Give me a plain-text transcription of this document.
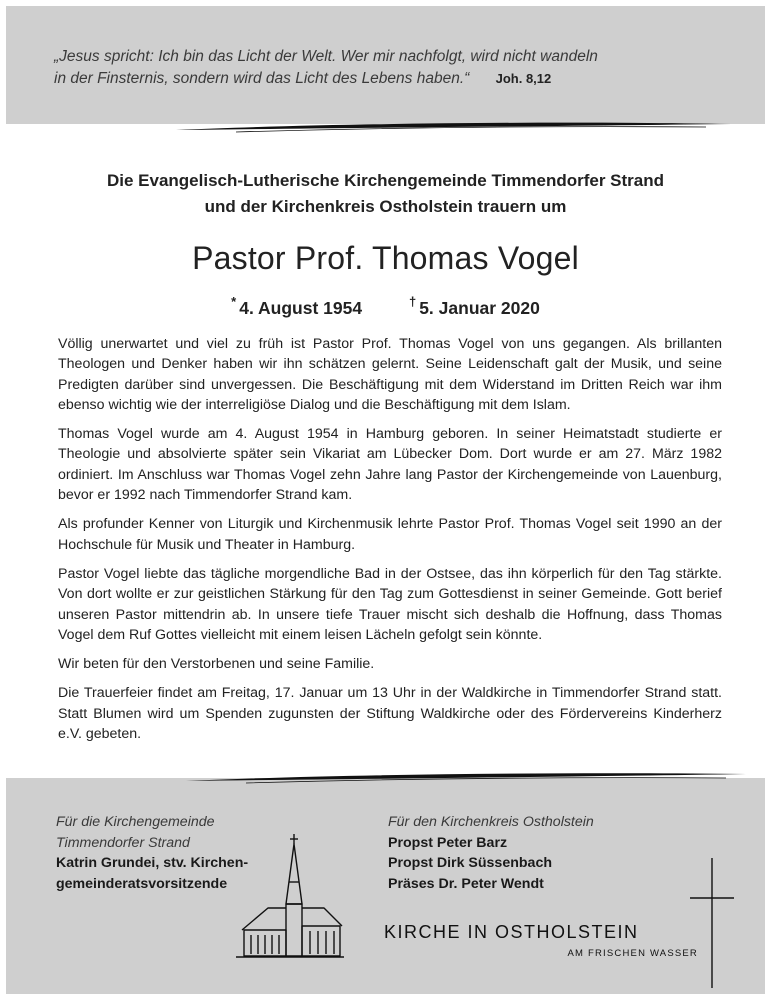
„Jesus spricht: Ich bin das Licht der Welt. Wer mir nachfolgt, wird nicht wandeln
in der Finsternis, sondern wird das Licht des Lebens haben.“ Joh. 8,12
Die Evangelisch-Lutherische Kirchengemeinde Timmendorfer Strand
und der Kirchenkreis Ostholstein trauern um
Pastor Prof. Thomas Vogel
* 4. August 1954	† 5. Januar 2020

Völlig unerwartet und viel zu früh ist Pastor Prof. Thomas Vogel von uns gegangen. Als brillanten Theologen und Denker haben wir ihn schätzen gelernt. Seine Leidenschaft galt der Musik, und seine Predigten darüber sind unvergessen. Die Beschäftigung mit dem Widerstand im Dritten Reich war ihm ebenso wichtig wie der interreligiöse Dialog und die Beschäftigung mit dem Islam.

Thomas Vogel wurde am 4. August 1954 in Hamburg geboren. In seiner Heimatstadt studierte er Theologie und absolvierte später sein Vikariat am Lübecker Dom. Dort wurde er am 27. März 1982 ordiniert. Im Anschluss war Thomas Vogel zehn Jahre lang Pastor der Kirchengemeinde von Lauenburg, bevor er 1992 nach Timmendorfer Strand kam.

Als profunder Kenner von Liturgik und Kirchenmusik lehrte Pastor Prof. Thomas Vogel seit 1990 an der Hochschule für Musik und Theater in Hamburg.

Pastor Vogel liebte das tägliche morgendliche Bad in der Ostsee, das ihn körperlich für den Tag stärkte. Von dort wollte er zur geistlichen Stärkung für den Tag zum Gottesdienst in seiner Gemeinde. Gott berief unseren Pastor mittendrin ab. In unsere tiefe Trauer mischt sich deshalb die Hoffnung, dass Thomas Vogel dem Ruf Gottes vielleicht mit einem leisen Lächeln gefolgt sein könnte.

Wir beten für den Verstorbenen und seine Familie.

Die Trauerfeier findet am Freitag, 17. Januar um 13 Uhr in der Waldkirche in Timmendorfer Strand statt. Statt Blumen wird um Spenden zugunsten der Stiftung Waldkirche oder des Fördervereins Kinderherz e.V. gebeten.

Für die Kirchengemeinde
Timmendorfer Strand
Katrin Grundei, stv. Kirchen-
gemeinderatsvorsitzende
Für den Kirchenkreis Ostholstein
Propst Peter Barz
Propst Dirk Süssenbach
Präses Dr. Peter Wendt
KIRCHE IN OSTHOLSTEIN
AM FRISCHEN WASSER
